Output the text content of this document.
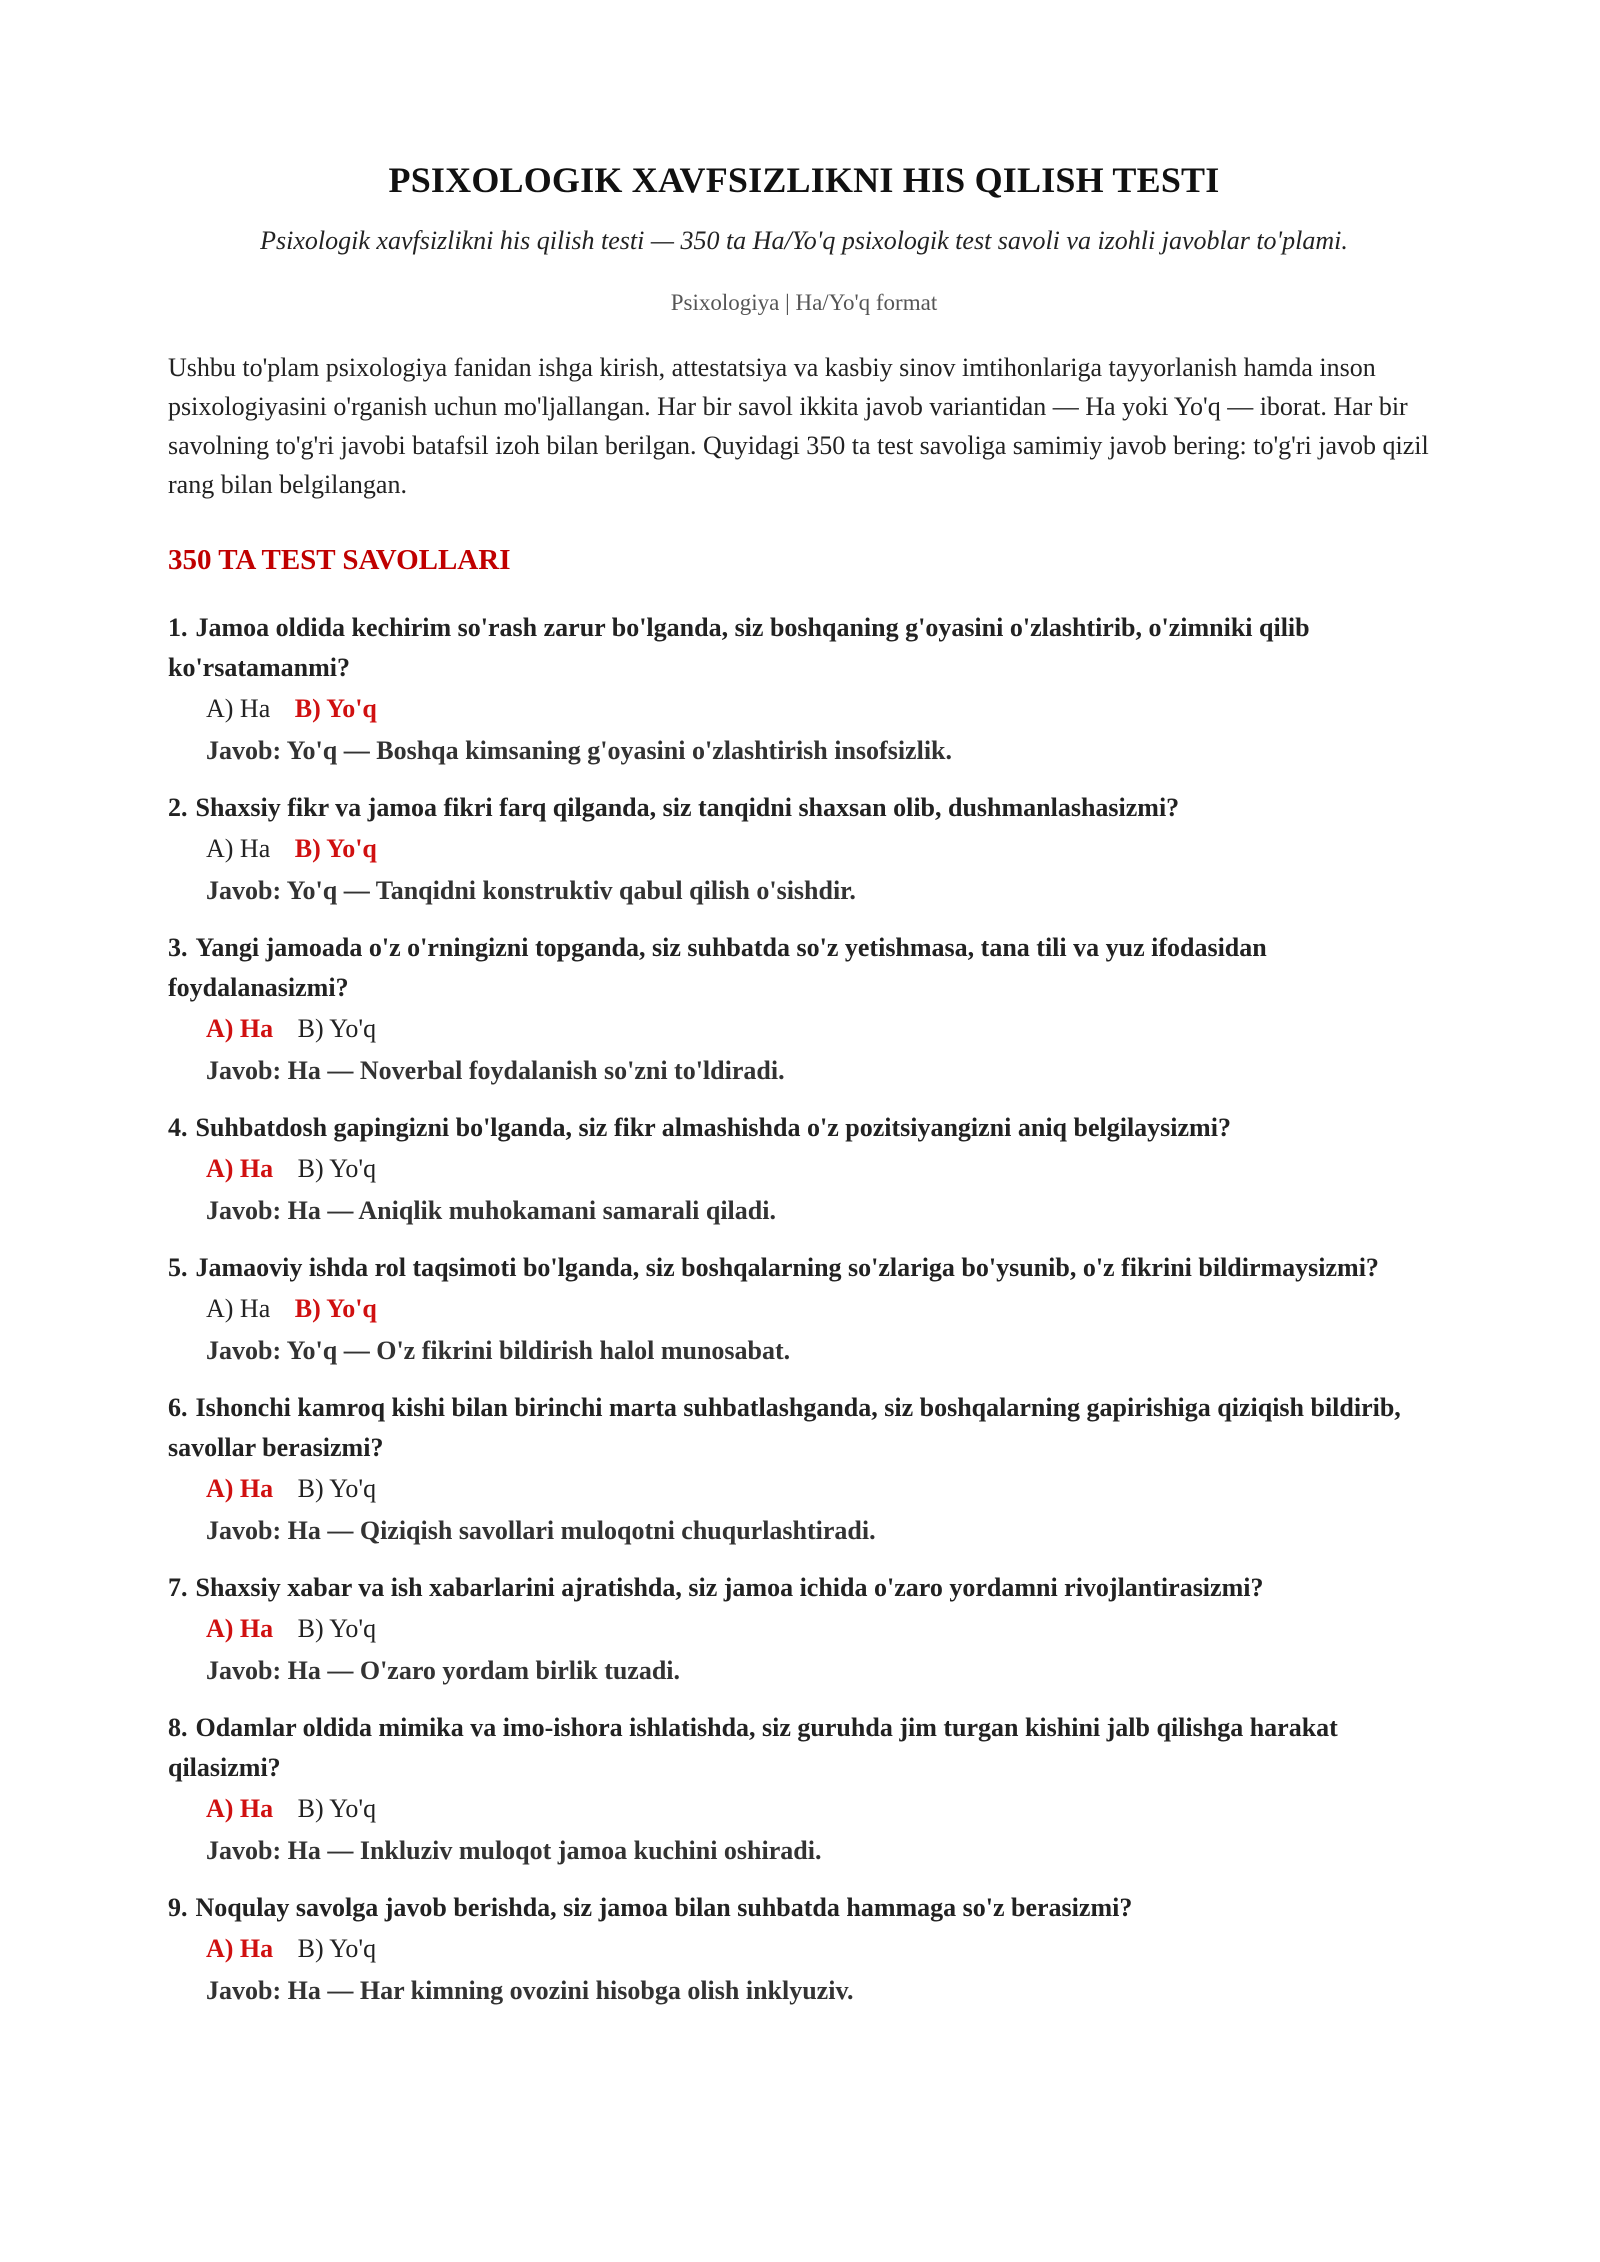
PSIXOLOGIK XAVFSIZLIKNI HIS QILISH TESTI
Psixologik xavfsizlikni his qilish testi — 350 ta Ha/Yo'q psixologik test savoli va izohli javoblar to'plami.
Psixologiya | Ha/Yo'q format

Ushbu to'plam psixologiya fanidan ishga kirish, attestatsiya va kasbiy sinov imtihonlariga tayyorlanish hamda inson psixologiyasini o'rganish uchun mo'ljallangan. Har bir savol ikkita javob variantidan — Ha yoki Yo'q — iborat. Har bir savolning to'g'ri javobi batafsil izoh bilan berilgan. Quyidagi 350 ta test savoliga samimiy javob bering: to'g'ri javob qizil rang bilan belgilangan.

350 TA TEST SAVOLLARI
1. Jamoa oldida kechirim so'rash zarur bo'lganda, siz boshqaning g'oyasini o'zlashtirib, o'zimniki qilib ko'rsatamanmi?
A) Ha B) Yo'q
Javob: Yo'q — Boshqa kimsaning g'oyasini o'zlashtirish insofsizlik.
2. Shaxsiy fikr va jamoa fikri farq qilganda, siz tanqidni shaxsan olib, dushmanlashasizmi?
A) Ha B) Yo'q
Javob: Yo'q — Tanqidni konstruktiv qabul qilish o'sishdir.
3. Yangi jamoada o'z o'rningizni topganda, siz suhbatda so'z yetishmasa, tana tili va yuz ifodasidan foydalanasizmi?
A) Ha B) Yo'q
Javob: Ha — Noverbal foydalanish so'zni to'ldiradi.
4. Suhbatdosh gapingizni bo'lganda, siz fikr almashishda o'z pozitsiyangizni aniq belgilaysizmi?
A) Ha B) Yo'q
Javob: Ha — Aniqlik muhokamani samarali qiladi.
5. Jamaoviy ishda rol taqsimoti bo'lganda, siz boshqalarning so'zlariga bo'ysunib, o'z fikrini bildirmaysizmi?
A) Ha B) Yo'q
Javob: Yo'q — O'z fikrini bildirish halol munosabat.
6. Ishonchi kamroq kishi bilan birinchi marta suhbatlashganda, siz boshqalarning gapirishiga qiziqish bildirib, savollar berasizmi?
A) Ha B) Yo'q
Javob: Ha — Qiziqish savollari muloqotni chuqurlashtiradi.
7. Shaxsiy xabar va ish xabarlarini ajratishda, siz jamoa ichida o'zaro yordamni rivojlantirasizmi?
A) Ha B) Yo'q
Javob: Ha — O'zaro yordam birlik tuzadi.
8. Odamlar oldida mimika va imo-ishora ishlatishda, siz guruhda jim turgan kishini jalb qilishga harakat qilasizmi?
A) Ha B) Yo'q
Javob: Ha — Inkluziv muloqot jamoa kuchini oshiradi.
9. Noqulay savolga javob berishda, siz jamoa bilan suhbatda hammaga so'z berasizmi?
A) Ha B) Yo'q
Javob: Ha — Har kimning ovozini hisobga olish inklyuziv.
